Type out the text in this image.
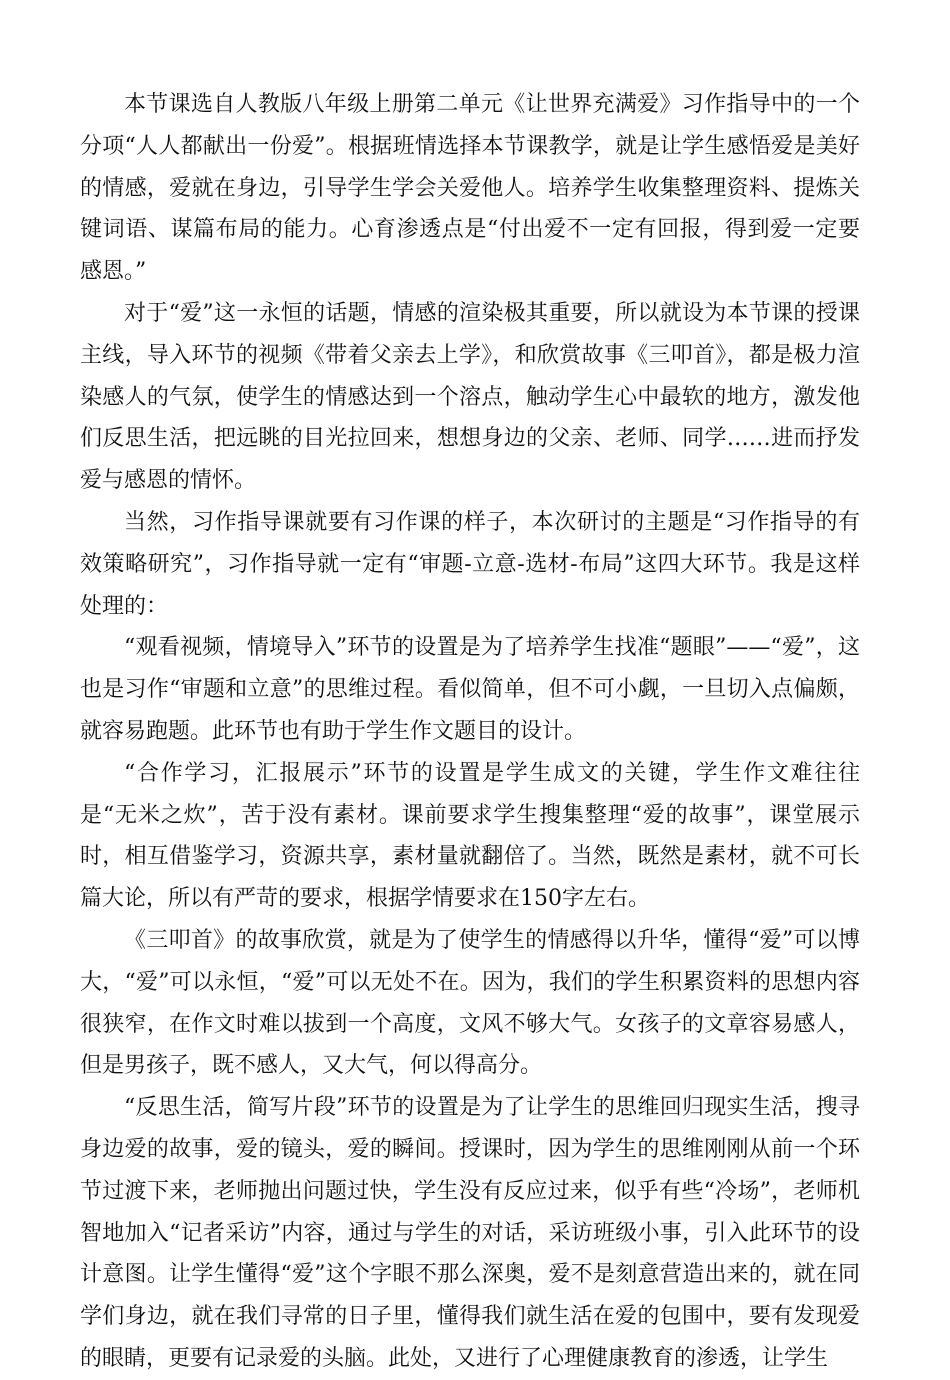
本节课选自人教版八年级上册第二单元《让世界充满爱》习作指导中的一个分项“人人都献出一份爱”。根据班情选择本节课教学，就是让学生感悟爱是美好的情感，爱就在身边，引导学生学会关爱他人。培养学生收集整理资料、提炼关键词语、谋篇布局的能力。心育渗透点是“付出爱不一定有回报，得到爱一定要感恩。”

对于“爱”这一永恒的话题，情感的渲染极其重要，所以就设为本节课的授课主线，导入环节的视频《带着父亲去上学》，和欣赏故事《三叩首》，都是极力渲染感人的气氛，使学生的情感达到一个溶点，触动学生心中最软的地方，激发他们反思生活，把远眺的目光拉回来，想想身边的父亲、老师、同学……进而抒发爱与感恩的情怀。

当然，习作指导课就要有习作课的样子，本次研讨的主题是“习作指导的有效策略研究”，习作指导就一定有“审题-立意-选材-布局”这四大环节。我是这样处理的：

“观看视频，情境导入”环节的设置是为了培养学生找准“题眼”——“爱”，这也是习作“审题和立意”的思维过程。看似简单，但不可小觑，一旦切入点偏颇，就容易跑题。此环节也有助于学生作文题目的设计。

“合作学习，汇报展示”环节的设置是学生成文的关键，学生作文难往往是“无米之炊”，苦于没有素材。课前要求学生搜集整理“爱的故事”，课堂展示时，相互借鉴学习，资源共享，素材量就翻倍了。当然，既然是素材，就不可长篇大论，所以有严苛的要求，根据学情要求在150字左右。

《三叩首》的故事欣赏，就是为了使学生的情感得以升华，懂得“爱”可以博大，“爱”可以永恒，“爱”可以无处不在。因为，我们的学生积累资料的思想内容很狭窄，在作文时难以拔到一个高度，文风不够大气。女孩子的文章容易感人，但是男孩子，既不感人，又大气，何以得高分。

“反思生活，简写片段”环节的设置是为了让学生的思维回归现实生活，搜寻身边爱的故事，爱的镜头，爱的瞬间。授课时，因为学生的思维刚刚从前一个环节过渡下来，老师抛出问题过快，学生没有反应过来，似乎有些“冷场”，老师机智地加入“记者采访”内容，通过与学生的对话，采访班级小事，引入此环节的设计意图。让学生懂得“爱”这个字眼不那么深奥，爱不是刻意营造出来的，就在同学们身边，就在我们寻常的日子里，懂得我们就生活在爱的包围中，要有发现爱的眼睛，更要有记录爱的头脑。此处，又进行了心理健康教育的渗透，让学生
